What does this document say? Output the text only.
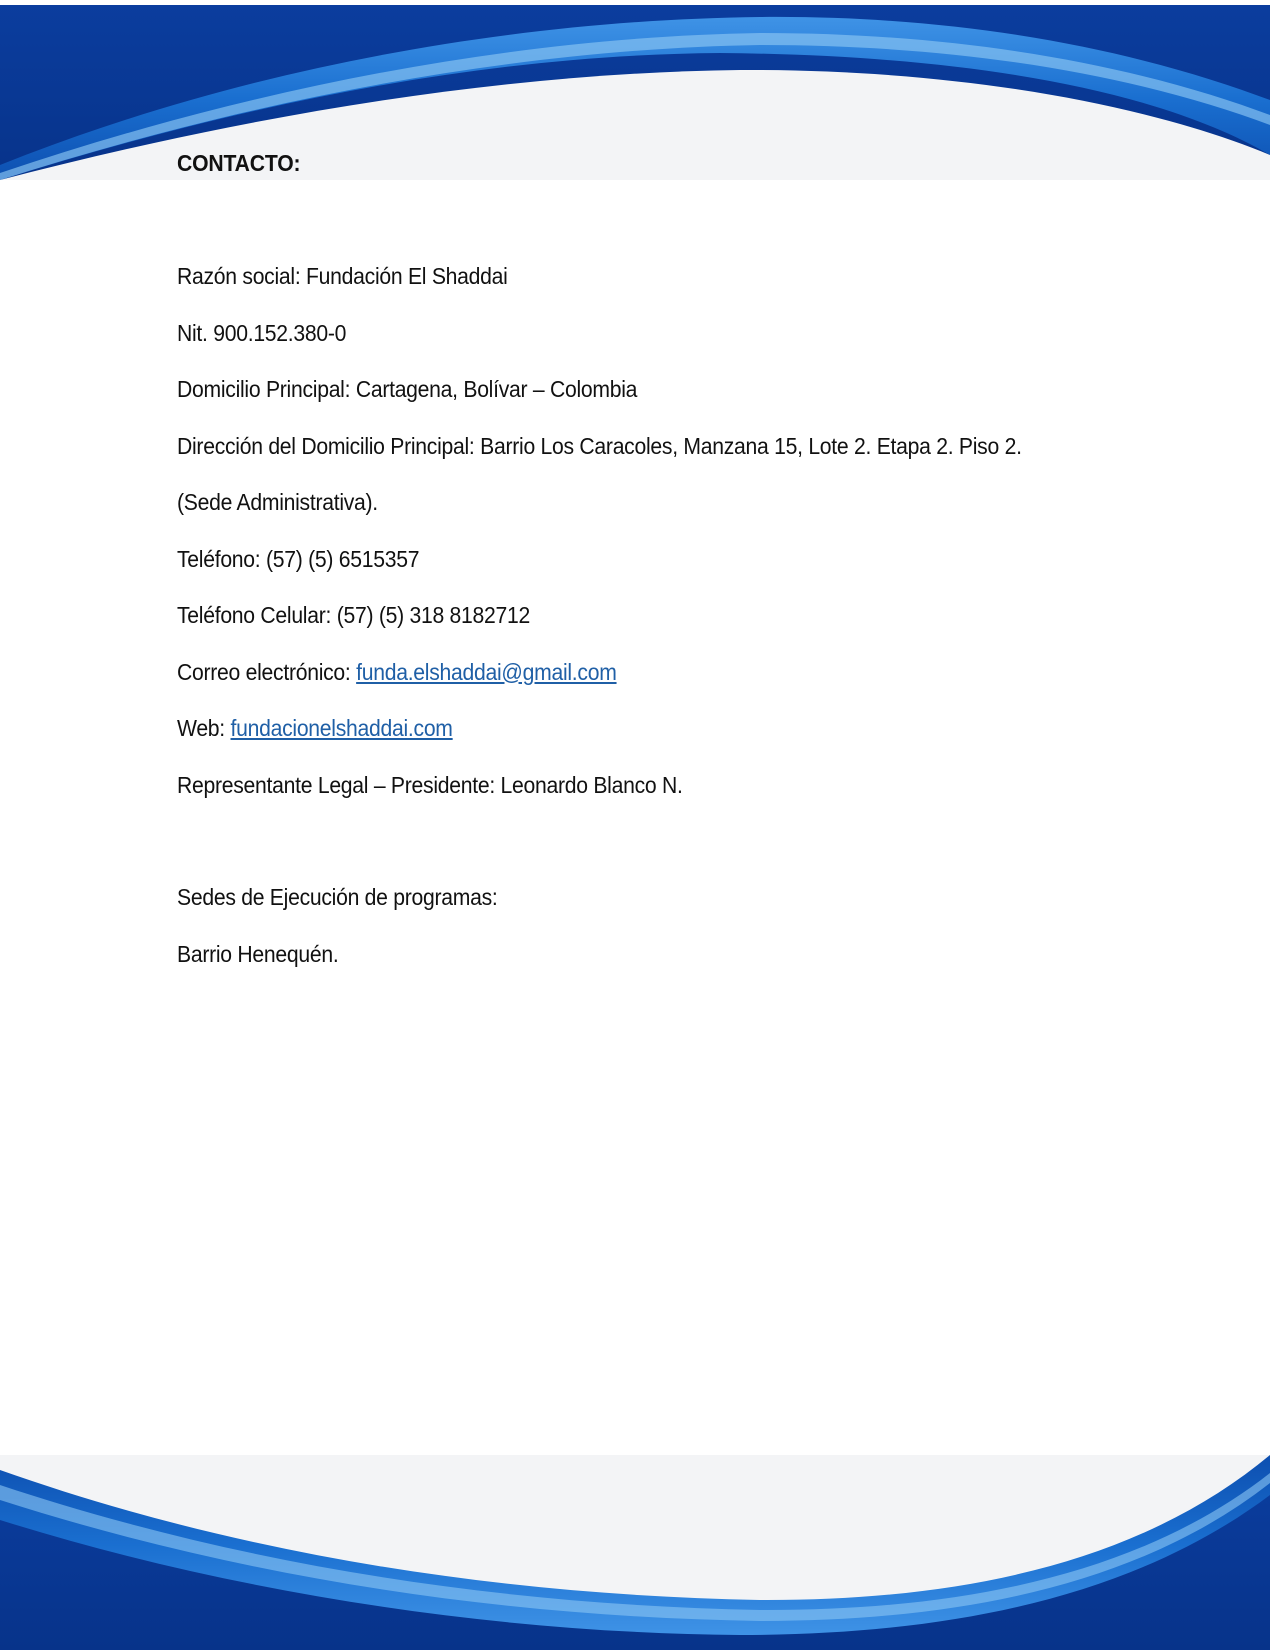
CONTACTO:
Razón social: Fundación El Shaddai
Nit. 900.152.380-0
Domicilio Principal: Cartagena, Bolívar – Colombia
Dirección del Domicilio Principal: Barrio Los Caracoles, Manzana 15, Lote 2. Etapa 2. Piso 2.
(Sede Administrativa).
Teléfono: (57) (5) 6515357
Teléfono Celular: (57) (5) 318 8182712
Correo electrónico: funda.elshaddai@gmail.com
Web: fundacionelshaddai.com
Representante Legal – Presidente: Leonardo Blanco N.
Sedes de Ejecución de programas:
Barrio Henequén.
